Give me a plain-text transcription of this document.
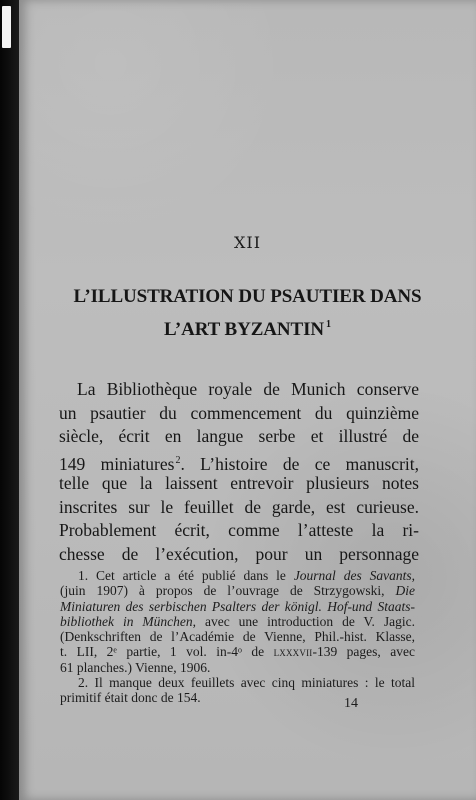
XII
L’ILLUSTRATION DU PSAUTIER DANS
L’ART BYZANTIN $^1$
La Bibliothèque royale de Munich conserve
un psautier du commencement du quinzième
siècle, écrit en langue serbe et illustré de
149 miniatures$^2$. L’histoire de ce manuscrit,
telle que la laissent entrevoir plusieurs notes
inscrites sur le feuillet de garde, est curieuse.
Probablement écrit, comme l’atteste la ri-
chesse de l’exécution, pour un personnage
1. Cet article a été publié dans le Journal des Savants,
(juin 1907) à propos de l’ouvrage de Strzygowski, Die
Miniaturen des serbischen Psalters der königl. Hof-und Staats-
bibliothek in München, avec une introduction de V. Jagic.
(Denkschriften de l’Académie de Vienne, Phil.-hist. Klasse,
t. LII, 2ᵉ partie, 1 vol. in-4ᵒ de lxxxvii-139 pages, avec
61 planches.) Vienne, 1906.
2. Il manque deux feuillets avec cinq miniatures : le total
primitif était donc de 154.	14
